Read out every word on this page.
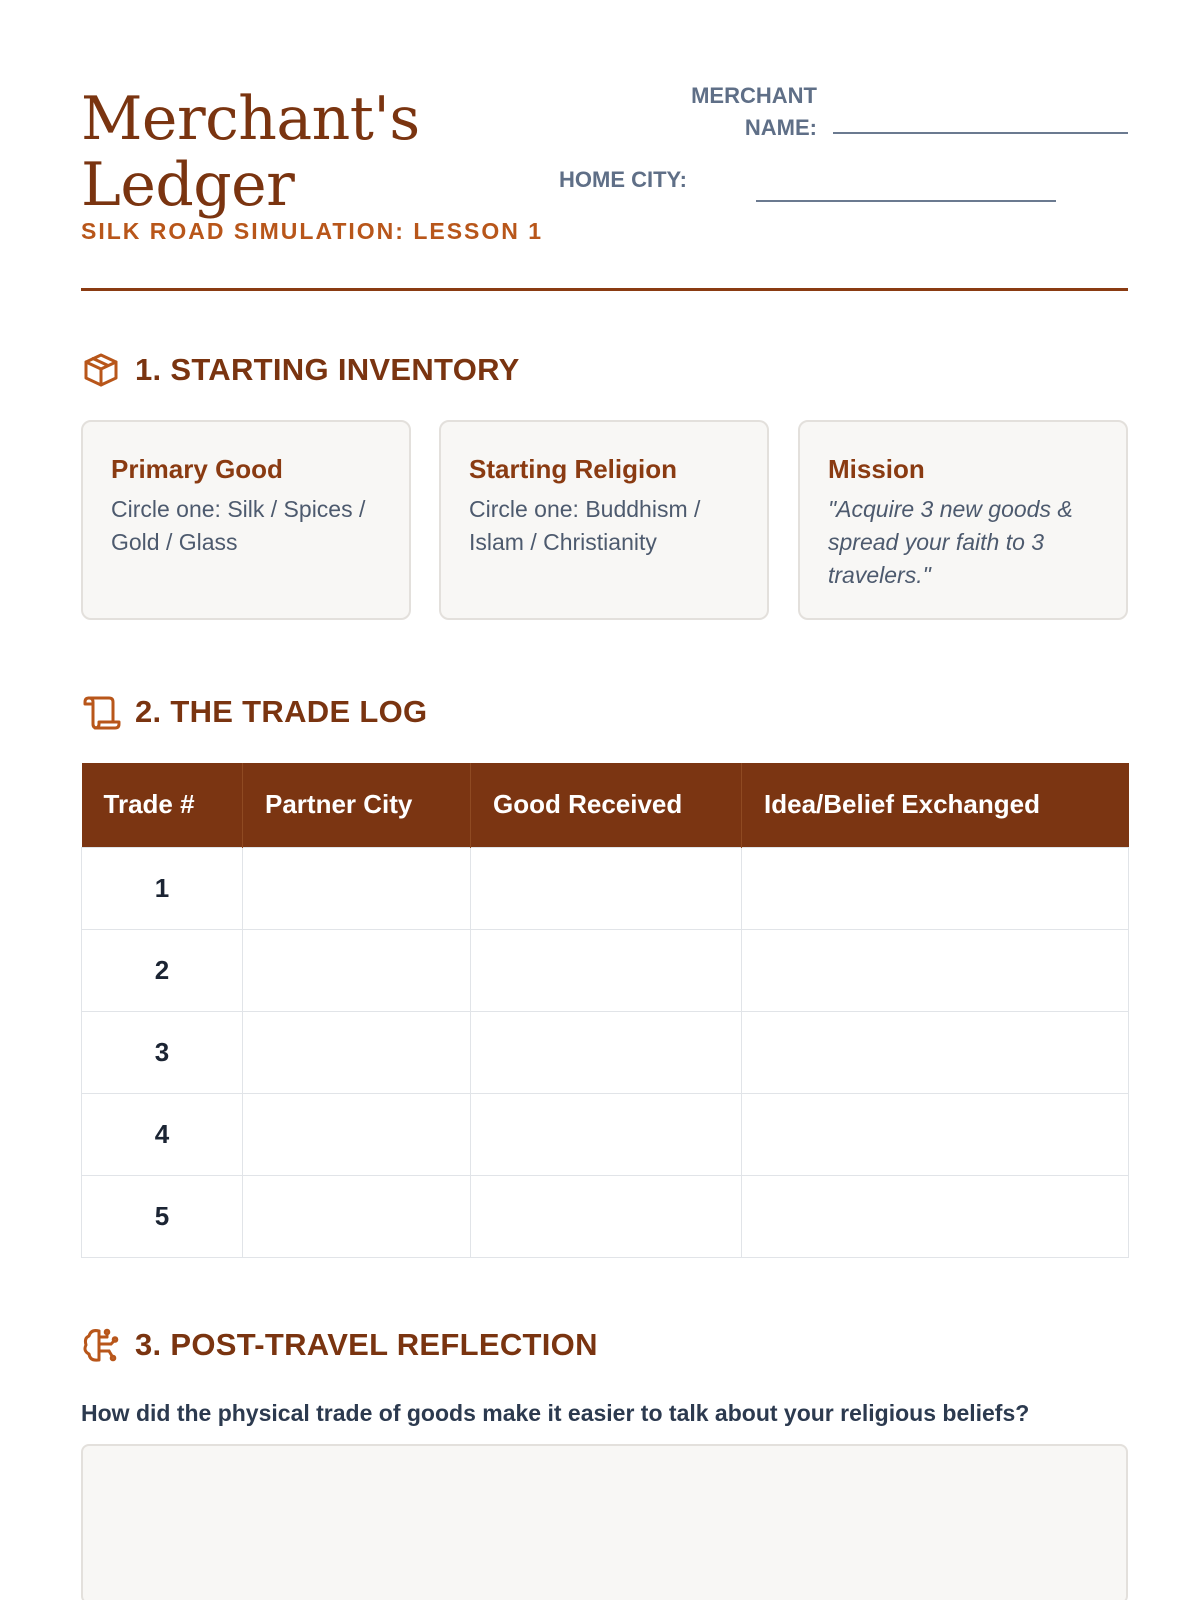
Merchant's
Ledger
SILK ROAD SIMULATION: LESSON 1
MERCHANT
NAME:
HOME CITY:
1. STARTING INVENTORY
Primary Good
Circle one: Silk / Spices / Gold / Glass
Starting Religion
Circle one: Buddhism / Islam / Christianity
Mission
"Acquire 3 new goods & spread your faith to 3 travelers."
2. THE TRADE LOG
Trade #	Partner City	Good Received	Idea/Belief Exchanged
1			
2			
3			
4			
5			
3. POST-TRAVEL REFLECTION
How did the physical trade of goods make it easier to talk about your religious beliefs?
